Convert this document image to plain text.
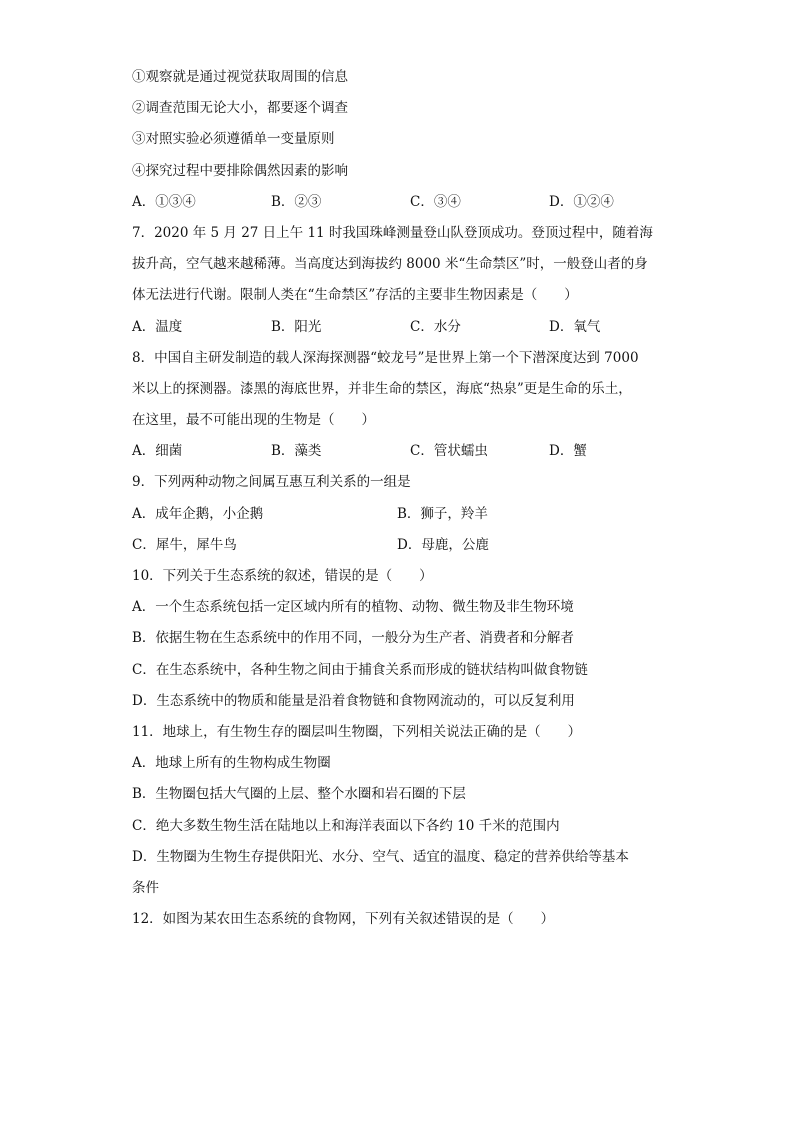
①观察就是通过视觉获取周围的信息
②调查范围无论大小，都要逐个调查
③对照实验必须遵循单一变量原则
④探究过程中要排除偶然因素的影响
A．①③④	B．②③	C．③④	D．①②④
7．2020 年 5 月 27 日上午 11 时我国珠峰测量登山队登顶成功。登顶过程中，随着海
拔升高，空气越来越稀薄。当高度达到海拔约 8000 米“生命禁区”时，一般登山者的身
体无法进行代谢。限制人类在“生命禁区”存活的主要非生物因素是（　　）
A．温度	B．阳光	C．水分	D．氧气
8．中国自主研发制造的载人深海探测器“蛟龙号”是世界上第一个下潜深度达到 7000
米以上的探测器。漆黑的海底世界，并非生命的禁区，海底“热泉”更是生命的乐土，
在这里，最不可能出现的生物是（　　）
A．细菌	B．藻类	C．管状蠕虫	D．蟹
9．下列两种动物之间属互惠互利关系的一组是
A．成年企鹅，小企鹅	B．狮子，羚羊
C．犀牛，犀牛鸟	D．母鹿，公鹿
10．下列关于生态系统的叙述，错误的是（　　）
A．一个生态系统包括一定区域内所有的植物、动物、微生物及非生物环境
B．依据生物在生态系统中的作用不同，一般分为生产者、消费者和分解者
C．在生态系统中，各种生物之间由于捕食关系而形成的链状结构叫做食物链
D．生态系统中的物质和能量是沿着食物链和食物网流动的，可以反复利用
11．地球上，有生物生存的圈层叫生物圈，下列相关说法正确的是（　　）
A．地球上所有的生物构成生物圈
B．生物圈包括大气圈的上层、整个水圈和岩石圈的下层
C．绝大多数生物生活在陆地以上和海洋表面以下各约 10 千米的范围内
D．生物圈为生物生存提供阳光、水分、空气、适宜的温度、稳定的营养供给等基本
条件
12．如图为某农田生态系统的食物网，下列有关叙述错误的是（　　）
